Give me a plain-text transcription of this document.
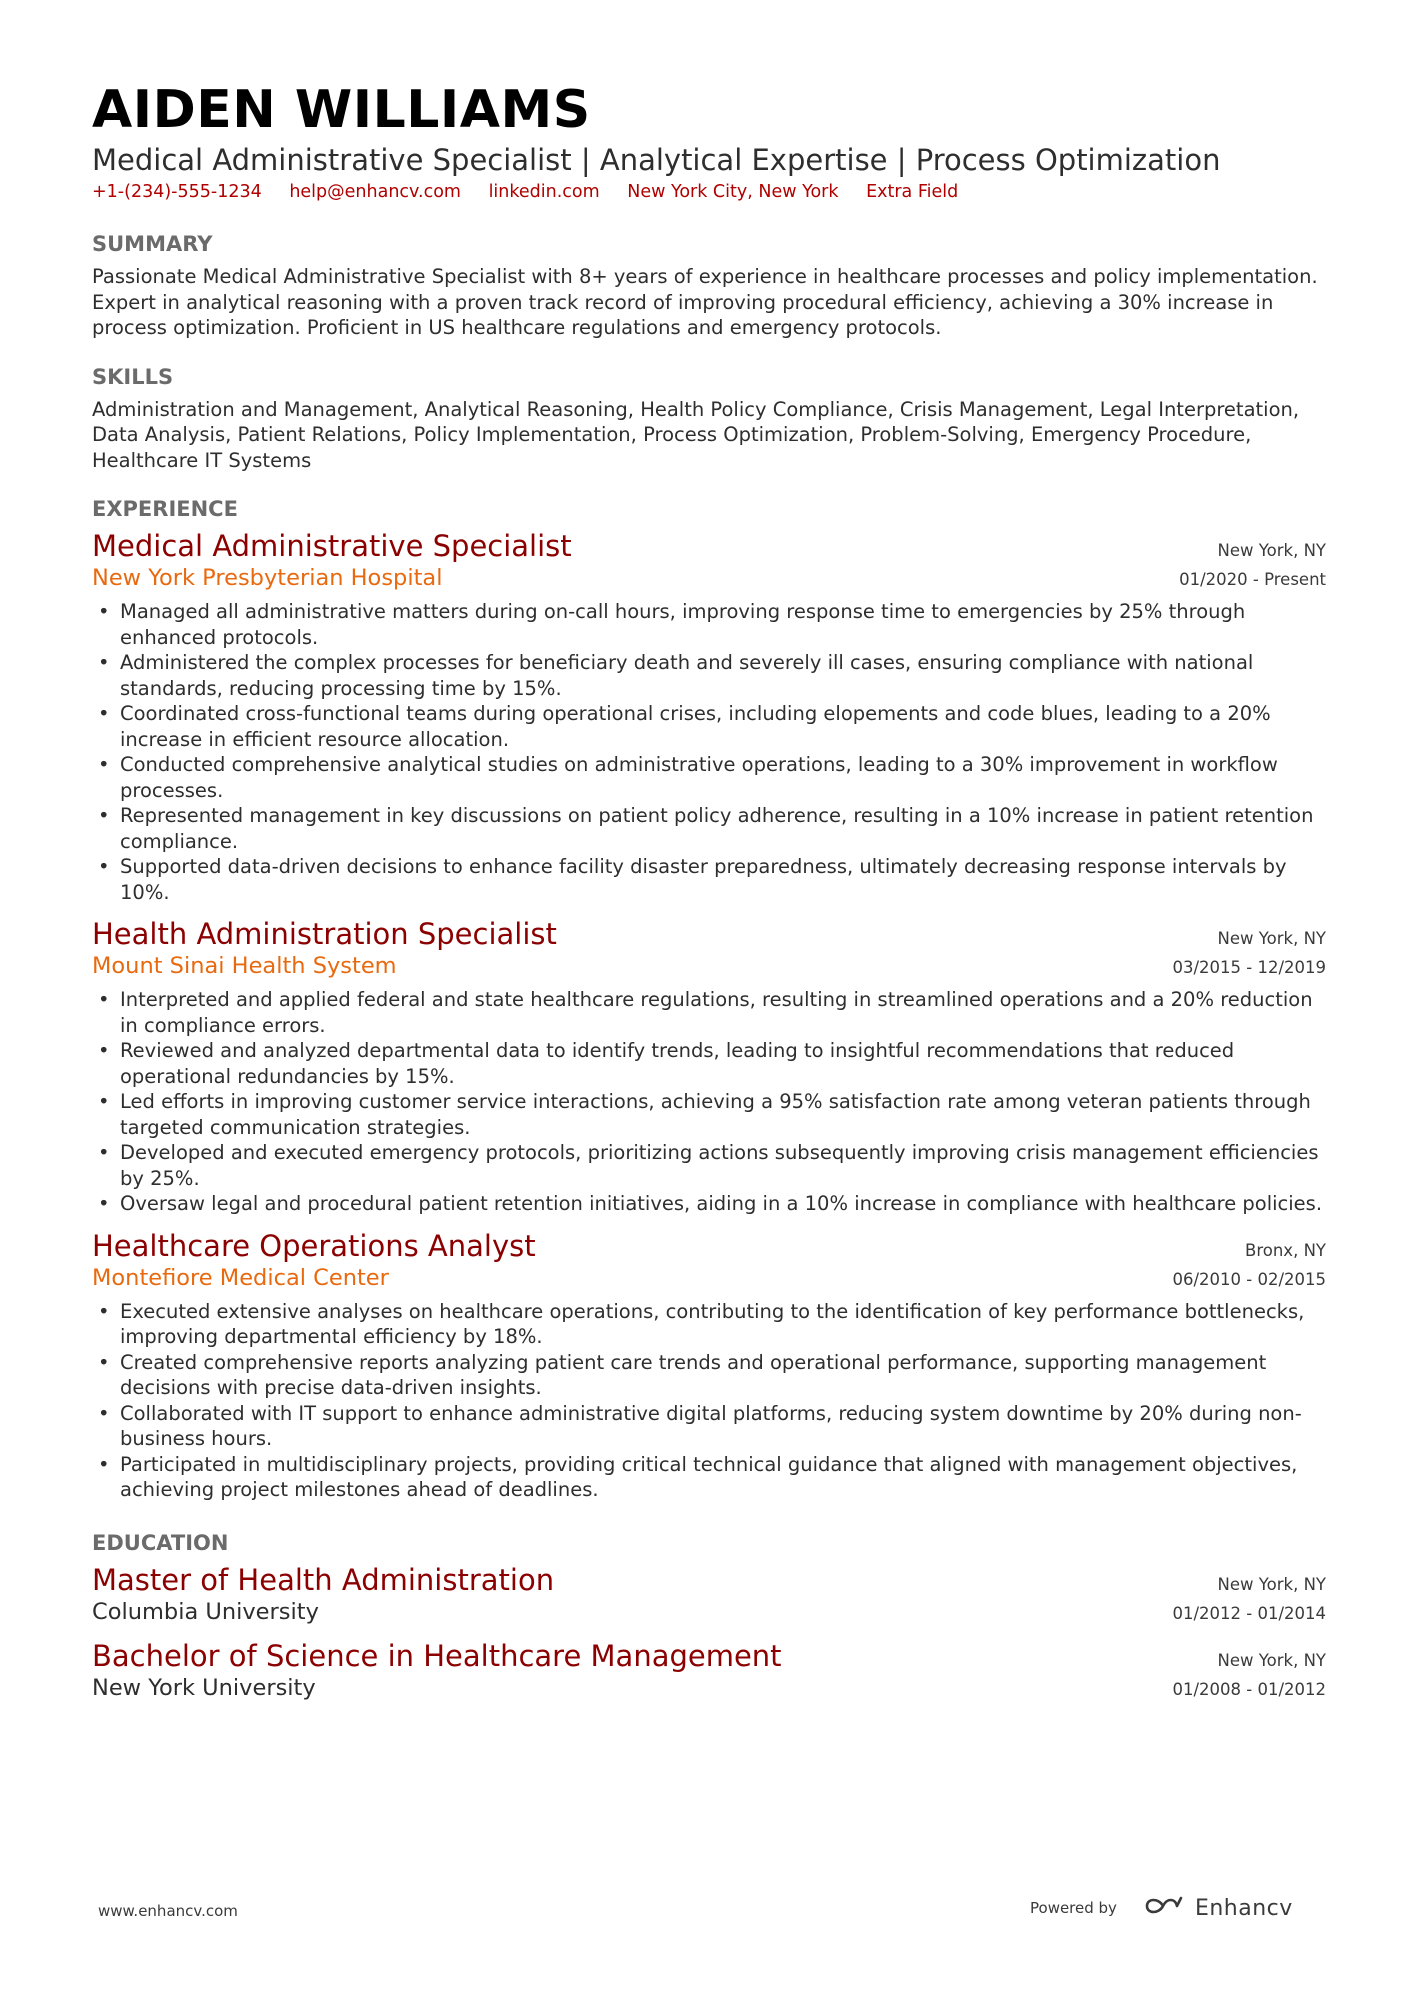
AIDEN WILLIAMS
Medical Administrative Specialist | Analytical Expertise | Process Optimization
+1-(234)-555-1234 help@enhancv.com linkedin.com New York City, New York Extra Field
SUMMARY
Passionate Medical Administrative Specialist with 8+ years of experience in healthcare processes and policy implementation. Expert in analytical reasoning with a proven track record of improving procedural efficiency, achieving a 30% increase in process optimization. Proficient in US healthcare regulations and emergency protocols.
SKILLS
Administration and Management, Analytical Reasoning, Health Policy Compliance, Crisis Management, Legal Interpretation, Data Analysis, Patient Relations, Policy Implementation, Process Optimization, Problem-Solving, Emergency Procedure, Healthcare IT Systems
EXPERIENCE
Medical Administrative Specialist	New York, NY
New York Presbyterian Hospital	01/2020 - Present
• Managed all administrative matters during on-call hours, improving response time to emergencies by 25% through enhanced protocols.
• Administered the complex processes for beneficiary death and severely ill cases, ensuring compliance with national standards, reducing processing time by 15%.
• Coordinated cross-functional teams during operational crises, including elopements and code blues, leading to a 20% increase in efficient resource allocation.
• Conducted comprehensive analytical studies on administrative operations, leading to a 30% improvement in workflow processes.
• Represented management in key discussions on patient policy adherence, resulting in a 10% increase in patient retention compliance.
• Supported data-driven decisions to enhance facility disaster preparedness, ultimately decreasing response intervals by 10%.
Health Administration Specialist	New York, NY
Mount Sinai Health System	03/2015 - 12/2019
• Interpreted and applied federal and state healthcare regulations, resulting in streamlined operations and a 20% reduction in compliance errors.
• Reviewed and analyzed departmental data to identify trends, leading to insightful recommendations that reduced operational redundancies by 15%.
• Led efforts in improving customer service interactions, achieving a 95% satisfaction rate among veteran patients through targeted communication strategies.
• Developed and executed emergency protocols, prioritizing actions subsequently improving crisis management efficiencies by 25%.
• Oversaw legal and procedural patient retention initiatives, aiding in a 10% increase in compliance with healthcare policies.
Healthcare Operations Analyst	Bronx, NY
Montefiore Medical Center	06/2010 - 02/2015
• Executed extensive analyses on healthcare operations, contributing to the identification of key performance bottlenecks, improving departmental efficiency by 18%.
• Created comprehensive reports analyzing patient care trends and operational performance, supporting management decisions with precise data-driven insights.
• Collaborated with IT support to enhance administrative digital platforms, reducing system downtime by 20% during non-business hours.
• Participated in multidisciplinary projects, providing critical technical guidance that aligned with management objectives, achieving project milestones ahead of deadlines.
EDUCATION
Master of Health Administration	New York, NY
Columbia University	01/2012 - 01/2014
Bachelor of Science in Healthcare Management	New York, NY
New York University	01/2008 - 01/2012
www.enhancv.com	Powered by	Enhancv
